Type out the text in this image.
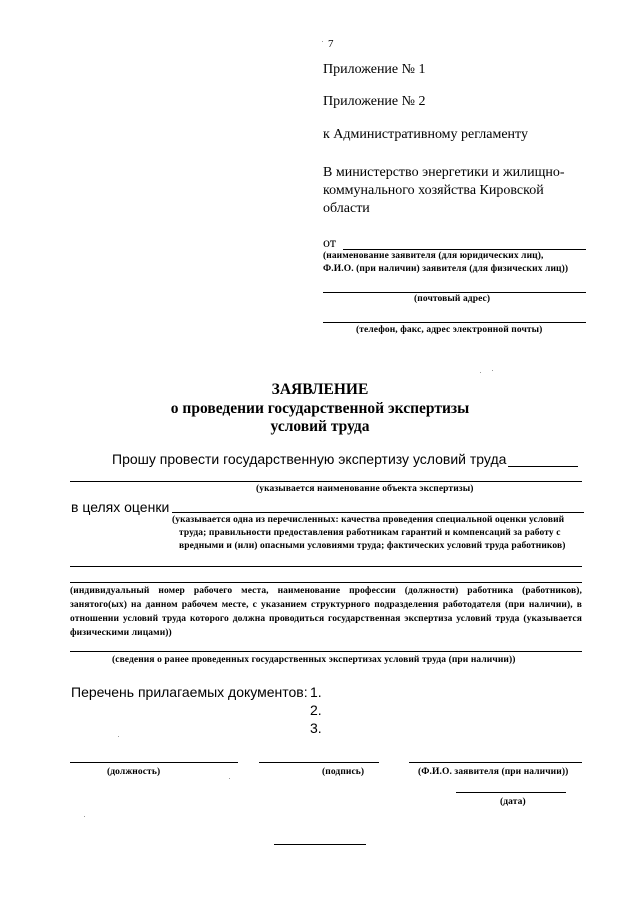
7
Приложение № 1
Приложение № 2
к Административному регламенту
В министерство энергетики и жилищно-
коммунального хозяйства Кировской
области
от
(наименование заявителя (для юридических лиц),
Ф.И.О. (при наличии) заявителя (для физических лиц))
(почтовый адрес)
(телефон, факс, адрес электронной почты)
ЗАЯВЛЕНИЕ
о проведении государственной экспертизы
условий труда
Прошу провести государственную экспертизу условий труда
(указывается наименование объекта экспертизы)
в целях оценки
(указывается одна из перечисленных: качества проведения специальной оценки условий
труда; правильности предоставления работникам гарантий и компенсаций за работу с
вредными и (или) опасными условиями труда; фактических условий труда работников)
(индивидуальный номер рабочего места, наименование профессии (должности) работника (работников), занятого(ых) на данном рабочем месте, с указанием структурного подразделения работодателя (при наличии), в отношении условий труда которого должна проводиться государственная экспертиза условий труда (указывается физическими лицами))
(сведения о ранее проведенных государственных экспертизах условий труда (при наличии))
Перечень прилагаемых документов: 1.
2.
3.
(должность)	(подпись)	(Ф.И.О. заявителя (при наличии))
(дата)
